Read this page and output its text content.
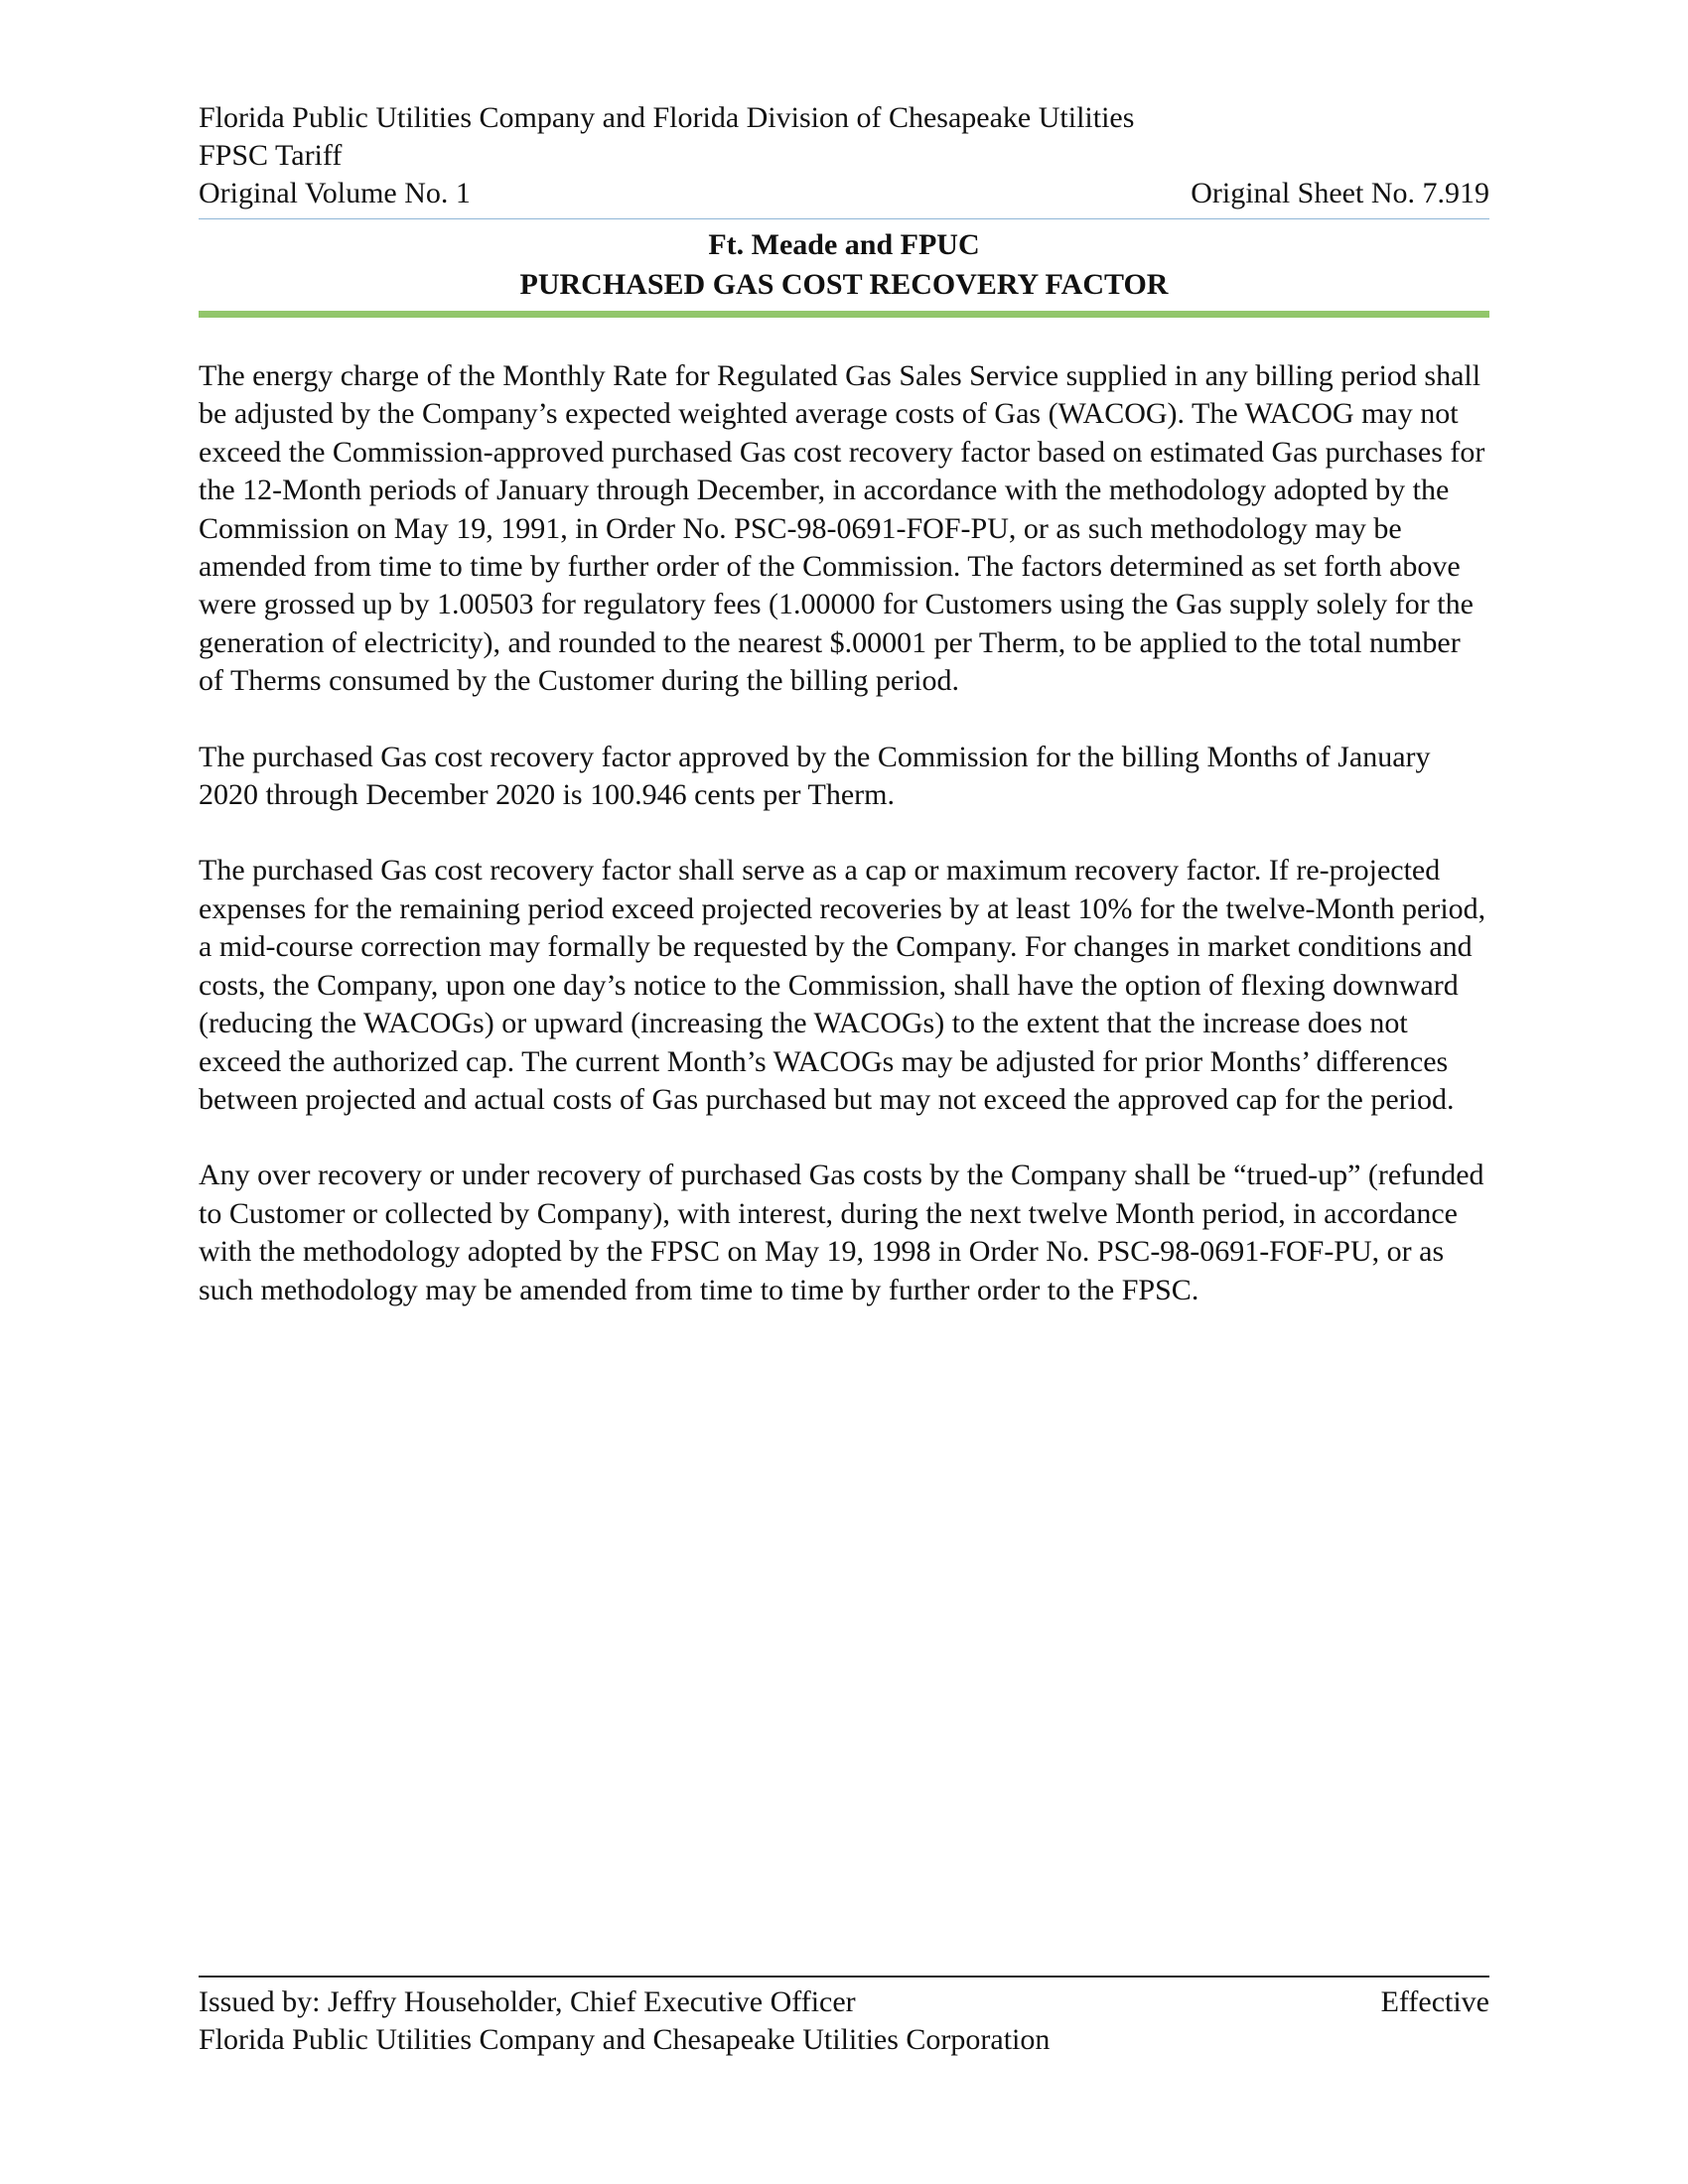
Florida Public Utilities Company and Florida Division of Chesapeake Utilities
FPSC Tariff
Original Volume No. 1	Original Sheet No. 7.919
Ft. Meade and FPUC
PURCHASED GAS COST RECOVERY FACTOR

The energy charge of the Monthly Rate for Regulated Gas Sales Service supplied in any billing period shall be adjusted by the Company’s expected weighted average costs of Gas (WACOG). The WACOG may not exceed the Commission-approved purchased Gas cost recovery factor based on estimated Gas purchases for the 12-Month periods of January through December, in accordance with the methodology adopted by the Commission on May 19, 1991, in Order No. PSC-98-0691-FOF-PU, or as such methodology may be amended from time to time by further order of the Commission. The factors determined as set forth above were grossed up by 1.00503 for regulatory fees (1.00000 for Customers using the Gas supply solely for the generation of electricity), and rounded to the nearest $.00001 per Therm, to be applied to the total number of Therms consumed by the Customer during the billing period.

The purchased Gas cost recovery factor approved by the Commission for the billing Months of January 2020 through December 2020 is 100.946 cents per Therm.

The purchased Gas cost recovery factor shall serve as a cap or maximum recovery factor. If re-projected expenses for the remaining period exceed projected recoveries by at least 10% for the twelve-Month period, a mid-course correction may formally be requested by the Company. For changes in market conditions and costs, the Company, upon one day’s notice to the Commission, shall have the option of flexing downward (reducing the WACOGs) or upward (increasing the WACOGs) to the extent that the increase does not exceed the authorized cap. The current Month’s WACOGs may be adjusted for prior Months’ differences between projected and actual costs of Gas purchased but may not exceed the approved cap for the period.

Any over recovery or under recovery of purchased Gas costs by the Company shall be “trued-up” (refunded to Customer or collected by Company), with interest, during the next twelve Month period, in accordance with the methodology adopted by the FPSC on May 19, 1998 in Order No. PSC-98-0691-FOF-PU, or as such methodology may be amended from time to time by further order to the FPSC.

Issued by: Jeffry Householder, Chief Executive Officer	Effective
Florida Public Utilities Company and Chesapeake Utilities Corporation
